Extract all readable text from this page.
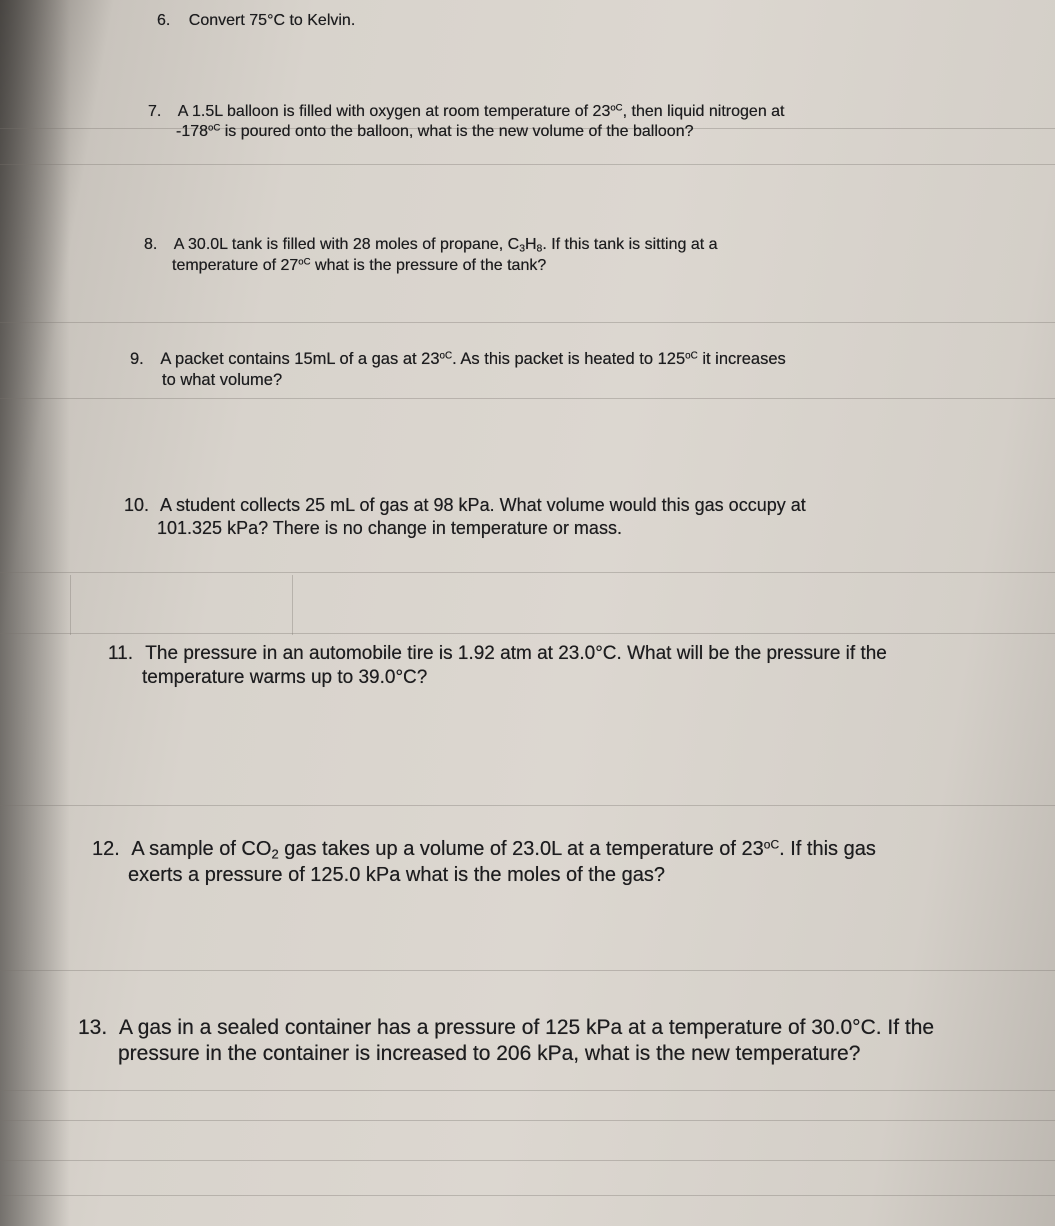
6. Convert 75°C to Kelvin.
7. A 1.5L balloon is filled with oxygen at room temperature of $23^{oC}$, then liquid nitrogen at
$-178^{oC}$ is poured onto the balloon, what is the new volume of the balloon?
8. A 30.0L tank is filled with 28 moles of propane, $C_3H_8$. If this tank is sitting at a
temperature of $27^{oC}$ what is the pressure of the tank?
9. A packet contains 15mL of a gas at $23^{oC}$. As this packet is heated to $125^{oC}$ it increases
to what volume?
10. A student collects 25 mL of gas at 98 kPa. What volume would this gas occupy at
101.325 kPa? There is no change in temperature or mass.
11. The pressure in an automobile tire is 1.92 atm at 23.0°C. What will be the pressure if the
temperature warms up to 39.0°C?
12. A sample of $CO_2$ gas takes up a volume of 23.0L at a temperature of $23^{oC}$. If this gas
exerts a pressure of 125.0 kPa what is the moles of the gas?
13. A gas in a sealed container has a pressure of 125 kPa at a temperature of 30.0°C. If the
pressure in the container is increased to 206 kPa, what is the new temperature?
